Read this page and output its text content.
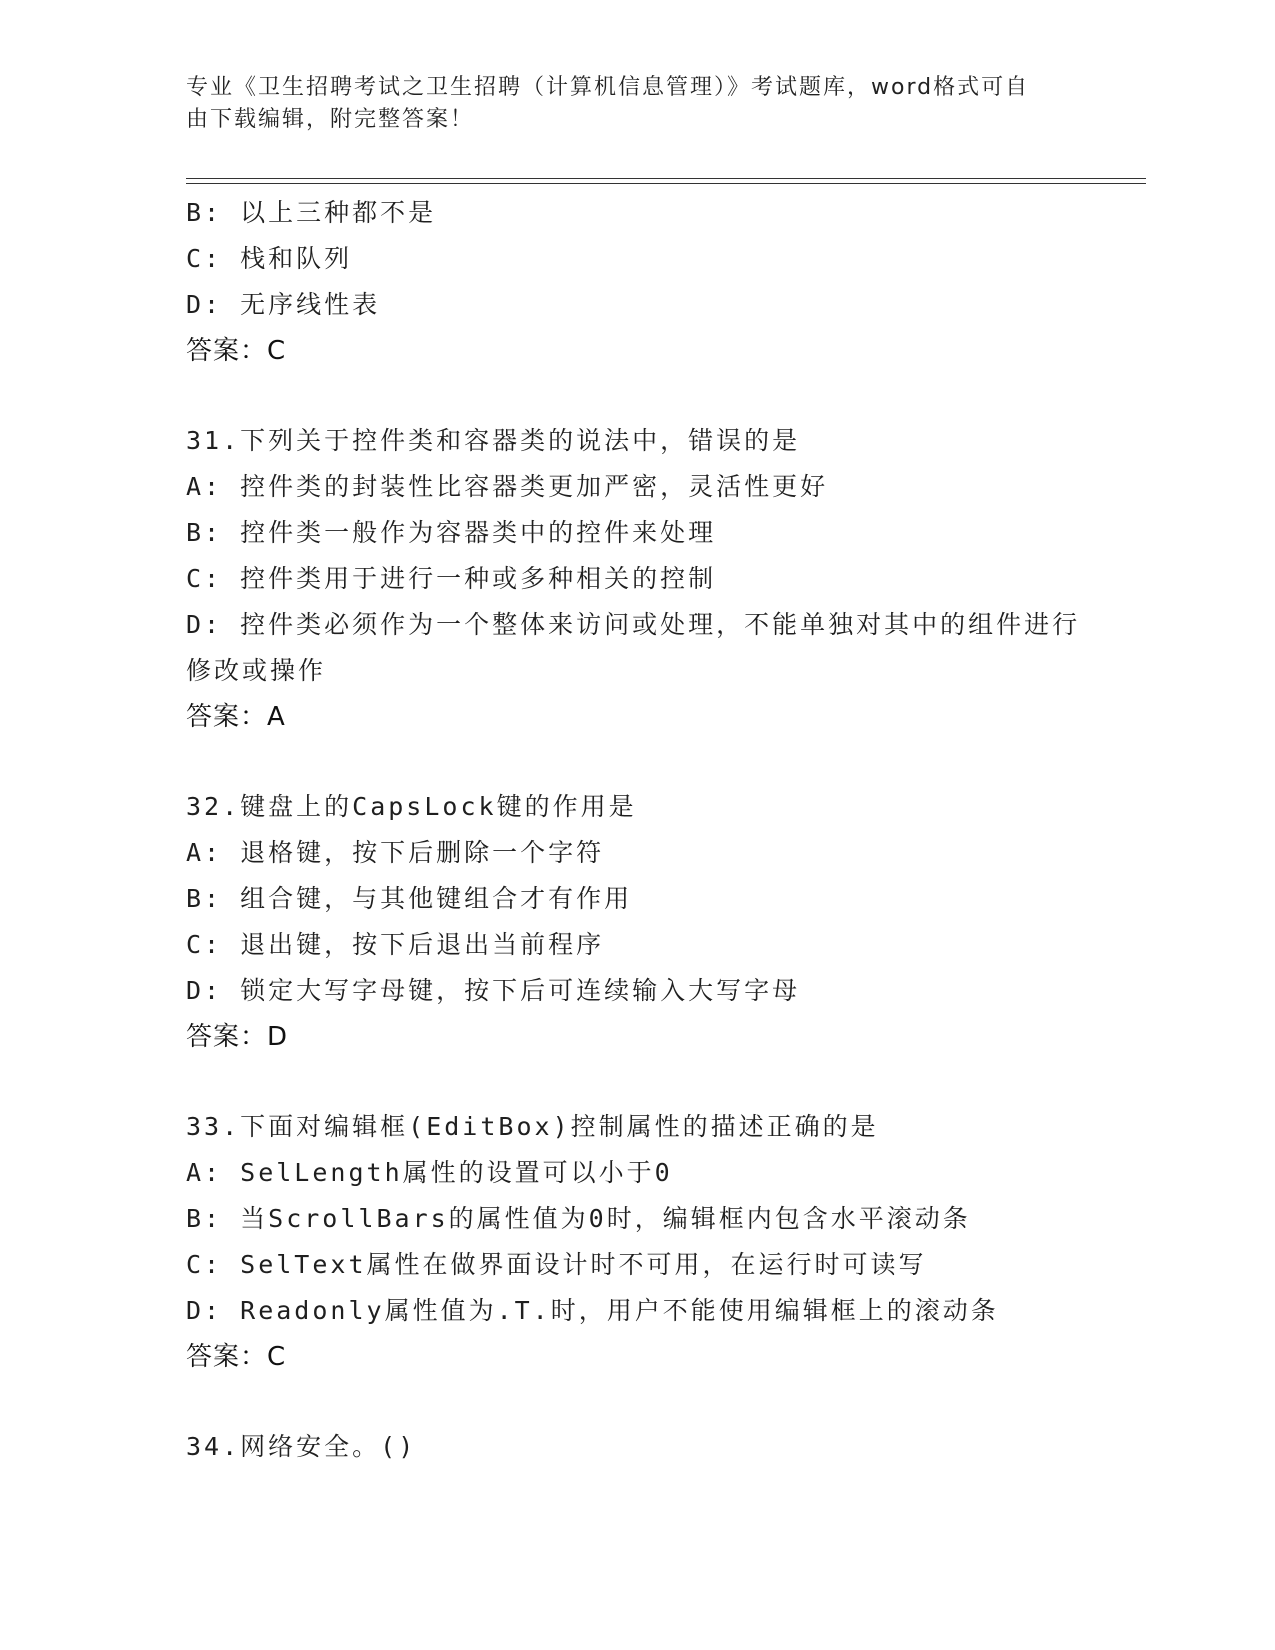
专业《卫生招聘考试之卫生招聘（计算机信息管理）》考试题库，word格式可自
由下载编辑，附完整答案！
B: 以上三种都不是
C: 栈和队列
D: 无序线性表
答案：C
31.下列关于控件类和容器类的说法中，错误的是
A: 控件类的封装性比容器类更加严密，灵活性更好
B: 控件类一般作为容器类中的控件来处理
C: 控件类用于进行一种或多种相关的控制
D: 控件类必须作为一个整体来访问或处理，不能单独对其中的组件进行修改或操作
答案：A
32.键盘上的CapsLock键的作用是
A: 退格键，按下后删除一个字符
B: 组合键，与其他键组合才有作用
C: 退出键，按下后退出当前程序
D: 锁定大写字母键，按下后可连续输入大写字母
答案：D
33.下面对编辑框(EditBox)控制属性的描述正确的是
A: SelLength属性的设置可以小于0
B: 当ScrollBars的属性值为0时，编辑框内包含水平滚动条
C: SelText属性在做界面设计时不可用，在运行时可读写
D: Readonly属性值为.T.时，用户不能使用编辑框上的滚动条
答案：C
34.网络安全。()
